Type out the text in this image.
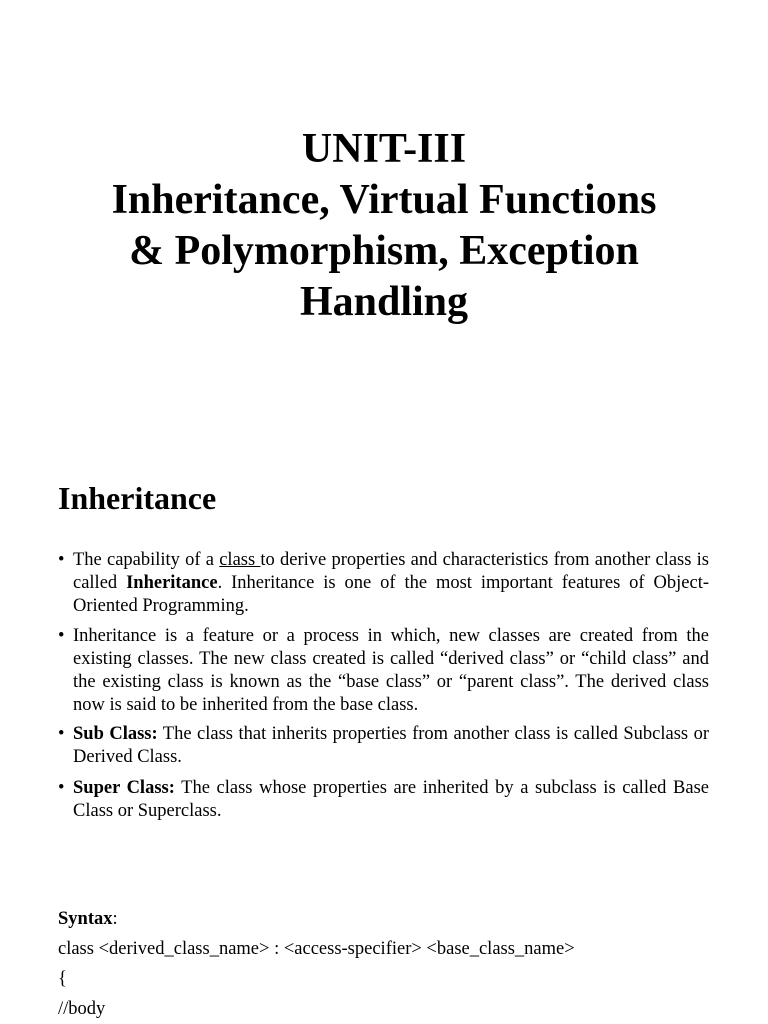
UNIT-III
Inheritance, Virtual Functions
& Polymorphism, Exception
Handling
Inheritance
• The capability of a class to derive properties and characteristics from another class is called Inheritance. Inheritance is one of the most important features of Object-Oriented Programming.
• Inheritance is a feature or a process in which, new classes are created from the existing classes. The new class created is called “derived class” or “child class” and the existing class is known as the “base class” or “parent class”. The derived class now is said to be inherited from the base class.
• Sub Class: The class that inherits properties from another class is called Subclass or Derived Class.
• Super Class: The class whose properties are inherited by a subclass is called Base Class or Superclass.
Syntax:
class <derived_class_name> : <access-specifier> <base_class_name>
{
//body
